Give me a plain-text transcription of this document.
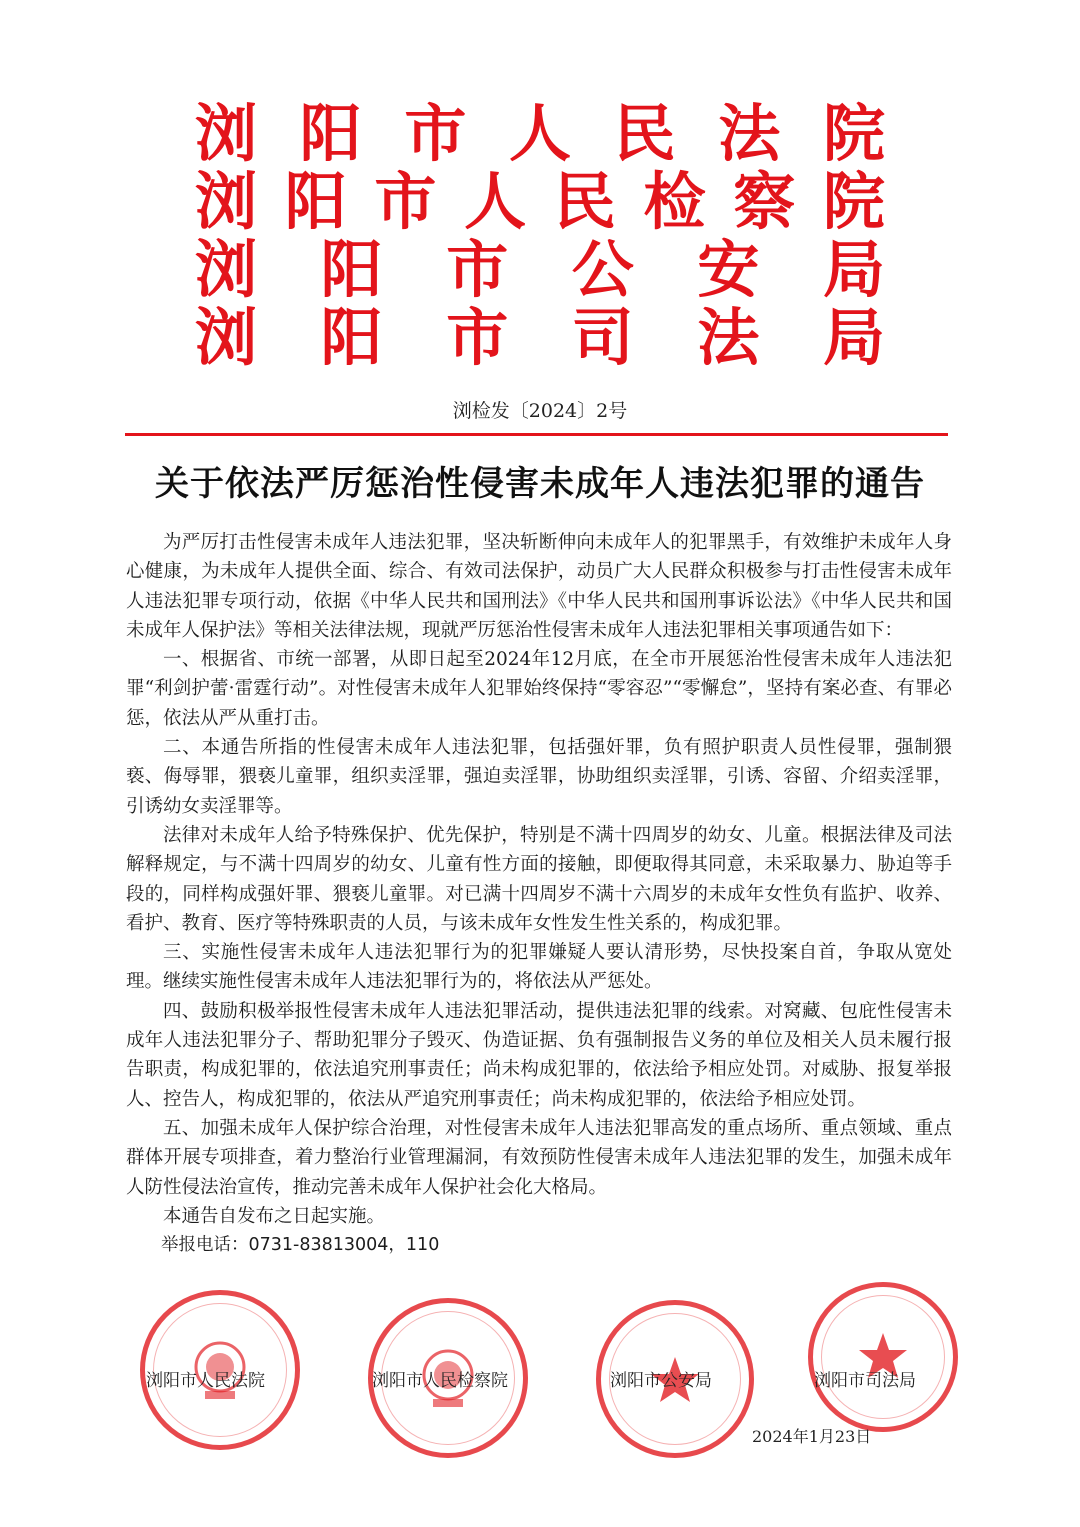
浏 阳 市 人 民 法 院
浏 阳 市 人 民 检 察 院
浏 阳 市 公 安 局
浏 阳 市 司 法 局
浏检发〔2024〕2号
关于依法严厉惩治性侵害未成年人违法犯罪的通告

为严厉打击性侵害未成年人违法犯罪，坚决斩断伸向未成年人的犯罪黑手，有效维护未成年人身心健康，为未成年人提供全面、综合、有效司法保护，动员广大人民群众积极参与打击性侵害未成年人违法犯罪专项行动，依据《中华人民共和国刑法》《中华人民共和国刑事诉讼法》《中华人民共和国未成年人保护法》等相关法律法规，现就严厉惩治性侵害未成年人违法犯罪相关事项通告如下：

一、根据省、市统一部署，从即日起至2024年12月底，在全市开展惩治性侵害未成年人违法犯罪“利剑护蕾·雷霆行动”。对性侵害未成年人犯罪始终保持“零容忍”“零懈怠”，坚持有案必查、有罪必惩，依法从严从重打击。

二、本通告所指的性侵害未成年人违法犯罪，包括强奸罪，负有照护职责人员性侵罪，强制猥亵、侮辱罪，猥亵儿童罪，组织卖淫罪，强迫卖淫罪，协助组织卖淫罪，引诱、容留、介绍卖淫罪，引诱幼女卖淫罪等。

法律对未成年人给予特殊保护、优先保护，特别是不满十四周岁的幼女、儿童。根据法律及司法解释规定，与不满十四周岁的幼女、儿童有性方面的接触，即便取得其同意，未采取暴力、胁迫等手段的，同样构成强奸罪、猥亵儿童罪。对已满十四周岁不满十六周岁的未成年女性负有监护、收养、看护、教育、医疗等特殊职责的人员，与该未成年女性发生性关系的，构成犯罪。

三、实施性侵害未成年人违法犯罪行为的犯罪嫌疑人要认清形势，尽快投案自首，争取从宽处理。继续实施性侵害未成年人违法犯罪行为的，将依法从严惩处。

四、鼓励积极举报性侵害未成年人违法犯罪活动，提供违法犯罪的线索。对窝藏、包庇性侵害未成年人违法犯罪分子、帮助犯罪分子毁灭、伪造证据、负有强制报告义务的单位及相关人员未履行报告职责，构成犯罪的，依法追究刑事责任；尚未构成犯罪的，依法给予相应处罚。对威胁、报复举报人、控告人，构成犯罪的，依法从严追究刑事责任；尚未构成犯罪的，依法给予相应处罚。

五、加强未成年人保护综合治理，对性侵害未成年人违法犯罪高发的重点场所、重点领域、重点群体开展专项排查，着力整治行业管理漏洞，有效预防性侵害未成年人违法犯罪的发生，加强未成年人防性侵法治宣传，推动完善未成年人保护社会化大格局。

本通告自发布之日起实施。

举报电话：0731-83813004，110

浏阳市人民法院	浏阳市人民检察院	浏阳市公安局	浏阳市司法局
2024年1月23日
